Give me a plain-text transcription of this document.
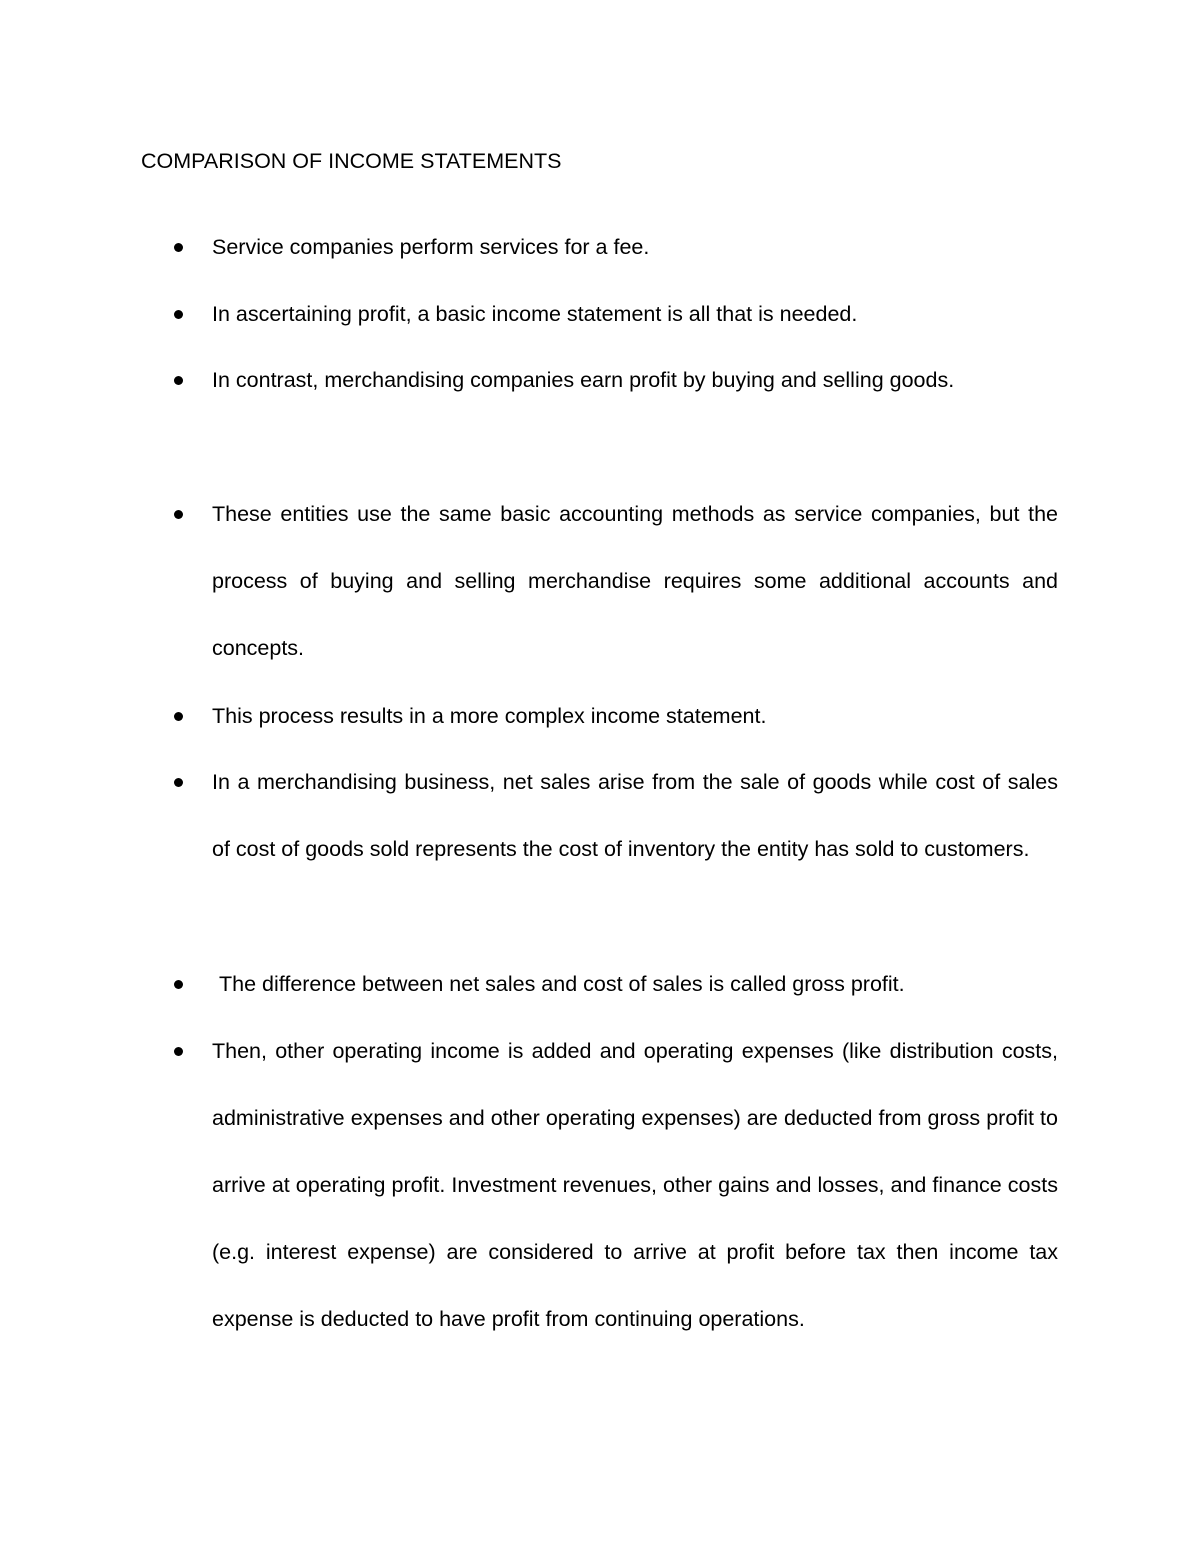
COMPARISON OF INCOME STATEMENTS
Service companies perform services for a fee.
In ascertaining profit, a basic income statement is all that is needed.
In contrast, merchandising companies earn profit by buying and selling goods.
These entities use the same basic accounting methods as service companies, but the process of buying and selling merchandise requires some additional accounts and concepts.
This process results in a more complex income statement.
In a merchandising business, net sales arise from the sale of goods while cost of sales of cost of goods sold represents the cost of inventory the entity has sold to customers.
The difference between net sales and cost of sales is called gross profit.
Then, other operating income is added and operating expenses (like distribution costs, administrative expenses and other operating expenses) are deducted from gross profit to arrive at operating profit. Investment revenues, other gains and losses, and finance costs (e.g. interest expense) are considered to arrive at profit before tax then income tax expense is deducted to have profit from continuing operations.
